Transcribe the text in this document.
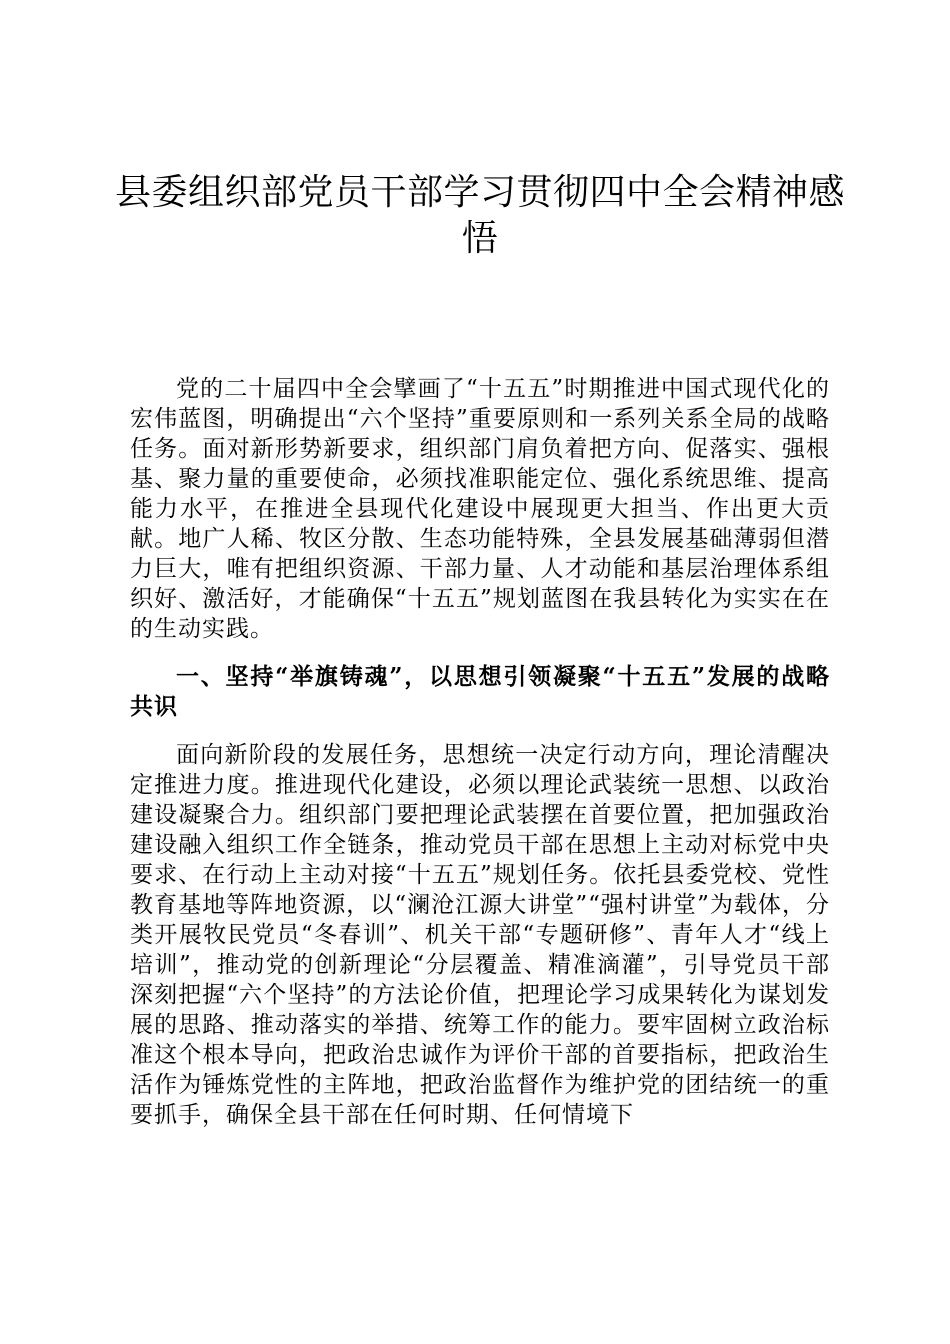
县委组织部党员干部学习贯彻四中全会精神感悟

党的二十届四中全会擘画了“十五五”时期推进中国式现代化的宏伟蓝图，明确提出“六个坚持”重要原则和一系列关系全局的战略任务。面对新形势新要求，组织部门肩负着把方向、促落实、强根基、聚力量的重要使命，必须找准职能定位、强化系统思维、提高能力水平，在推进全县现代化建设中展现更大担当、作出更大贡献。地广人稀、牧区分散、生态功能特殊，全县发展基础薄弱但潜力巨大，唯有把组织资源、干部力量、人才动能和基层治理体系组织好、激活好，才能确保“十五五”规划蓝图在我县转化为实实在在的生动实践。

一、坚持“举旗铸魂”，以思想引领凝聚“十五五”发展的战略共识

面向新阶段的发展任务，思想统一决定行动方向，理论清醒决定推进力度。推进现代化建设，必须以理论武装统一思想、以政治建设凝聚合力。组织部门要把理论武装摆在首要位置，把加强政治建设融入组织工作全链条，推动党员干部在思想上主动对标党中央要求、在行动上主动对接“十五五”规划任务。依托县委党校、党性教育基地等阵地资源，以“澜沧江源大讲堂”“强村讲堂”为载体，分类开展牧民党员“冬春训”、机关干部“专题研修”、青年人才“线上培训”，推动党的创新理论“分层覆盖、精准滴灌”，引导党员干部深刻把握“六个坚持”的方法论价值，把理论学习成果转化为谋划发展的思路、推动落实的举措、统筹工作的能力。要牢固树立政治标准这个根本导向，把政治忠诚作为评价干部的首要指标，把政治生活作为锤炼党性的主阵地，把政治监督作为维护党的团结统一的重要抓手，确保全县干部在任何时期、任何情境下
